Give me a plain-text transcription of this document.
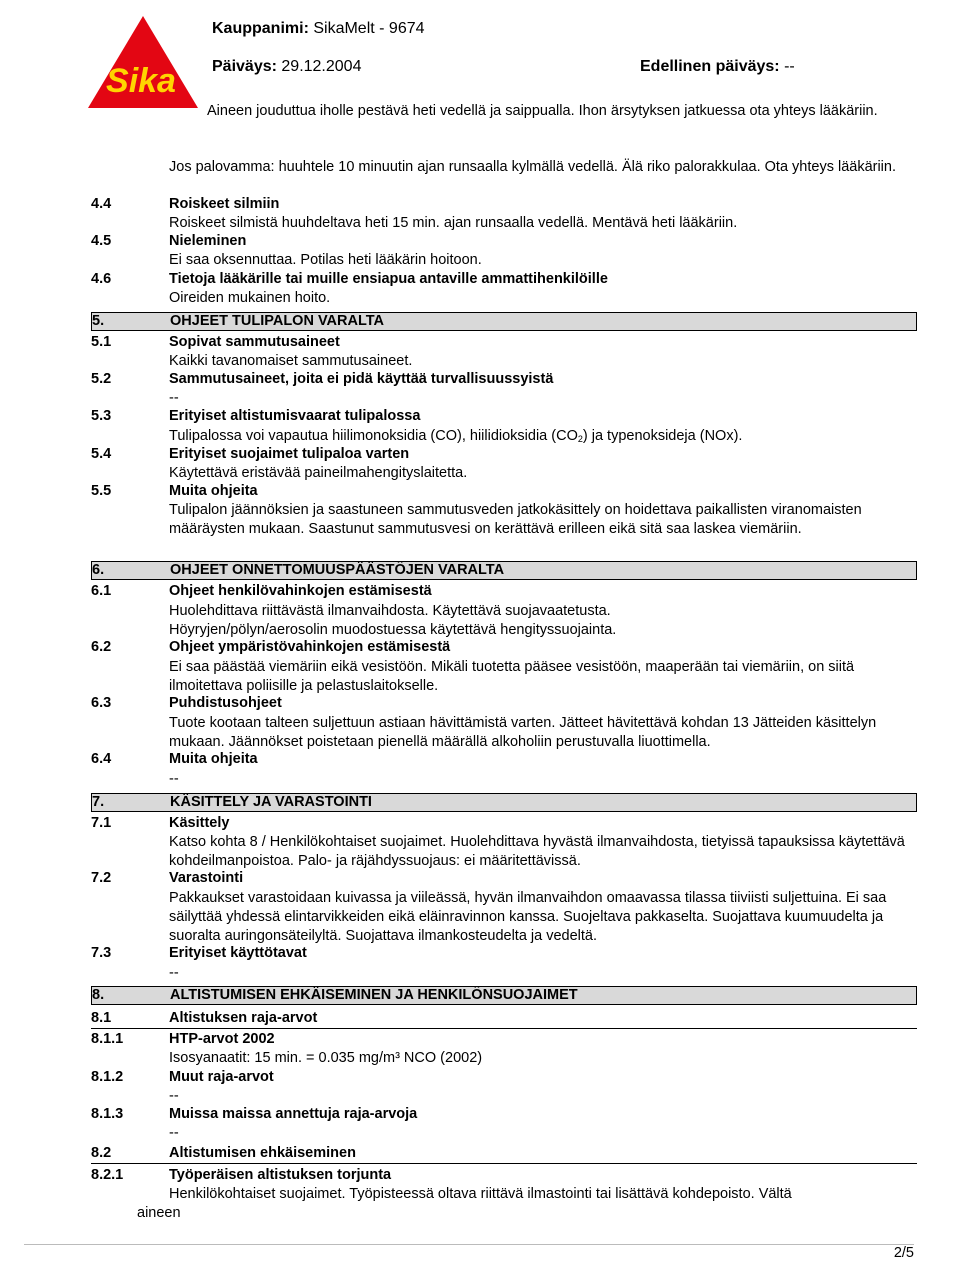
Sika
Kauppanimi: SikaMelt - 9674
Päiväys: 29.12.2004	Edellinen päiväys: --
Aineen jouduttua iholle pestävä heti vedellä ja saippualla. Ihon ärsytyksen jatkuessa ota yhteys lääkäriin.
Jos palovamma: huuhtele 10 minuutin ajan runsaalla kylmällä vedellä. Älä riko palorakkulaa. Ota yhteys lääkäriin.
4.4	Roiskeet silmiin
Roiskeet silmistä huuhdeltava heti 15 min. ajan runsaalla vedellä. Mentävä heti lääkäriin.
4.5	Nieleminen
Ei saa oksennuttaa. Potilas heti lääkärin hoitoon.
4.6	Tietoja lääkärille tai muille ensiapua antaville ammattihenkilöille
Oireiden mukainen hoito.
5.	OHJEET TULIPALON VARALTA
5.1	Sopivat sammutusaineet
Kaikki tavanomaiset sammutusaineet.
5.2	Sammutusaineet, joita ei pidä käyttää turvallisuussyistä
--
5.3	Erityiset altistumisvaarat tulipalossa
Tulipalossa voi vapautua hiilimonoksidia (CO), hiilidioksidia $(CO_2)$ ja typenoksideja (NOx).
5.4	Erityiset suojaimet tulipaloa varten
Käytettävä eristävää paineilmahengityslaitetta.
5.5	Muita ohjeita
Tulipalon jäännöksien ja saastuneen sammutusveden jatkokäsittely on hoidettava paikallisten viranomaisten määräysten mukaan. Saastunut sammutusvesi on kerättävä erilleen eikä sitä saa laskea viemäriin.
6.	OHJEET ONNETTOMUUSPÄÄSTÖJEN VARALTA
6.1	Ohjeet henkilövahinkojen estämisestä
Huolehdittava riittävästä ilmanvaihdosta. Käytettävä suojavaatetusta.
Höyryjen/pölyn/aerosolin muodostuessa käytettävä hengityssuojainta.
6.2	Ohjeet ympäristövahinkojen estämisestä
Ei saa päästää viemäriin eikä vesistöön. Mikäli tuotetta pääsee vesistöön, maaperään tai viemäriin, on siitä ilmoitettava poliisille ja pelastuslaitokselle.
6.3	Puhdistusohjeet
Tuote kootaan talteen suljettuun astiaan hävittämistä varten. Jätteet hävitettävä kohdan 13 Jätteiden käsittelyn mukaan. Jäännökset poistetaan pienellä määrällä alkoholiin perustuvalla liuottimella.
6.4	Muita ohjeita
--
7.	KÄSITTELY JA VARASTOINTI
7.1	Käsittely
Katso kohta 8 / Henkilökohtaiset suojaimet. Huolehdittava hyvästä ilmanvaihdosta, tietyissä tapauksissa käytettävä kohdeilmanpoistoa. Palo- ja räjähdyssuojaus: ei määritettävissä.
7.2	Varastointi
Pakkaukset varastoidaan kuivassa ja viileässä, hyvän ilmanvaihdon omaavassa tilassa tiiviisti suljettuina. Ei saa säilyttää yhdessä elintarvikkeiden eikä eläinravinnon kanssa. Suojeltava pakkaselta. Suojattava kuumuudelta ja suoralta auringonsäteilyltä. Suojattava ilmankosteudelta ja vedeltä.
7.3	Erityiset käyttötavat
--
8.	ALTISTUMISEN EHKÄISEMINEN JA HENKILÖNSUOJAIMET
8.1	Altistuksen raja-arvot
8.1.1	HTP-arvot 2002
Isosyanaatit: 15 min. = 0.035 mg/m³ NCO (2002)
8.1.2	Muut raja-arvot
--
8.1.3	Muissa maissa annettuja raja-arvoja
--
8.2	Altistumisen ehkäiseminen
8.2.1	Työperäisen altistuksen torjunta
Henkilökohtaiset suojaimet. Työpisteessä oltava riittävä ilmastointi tai lisättävä kohdepoisto. Vältä
aineen
2/5
